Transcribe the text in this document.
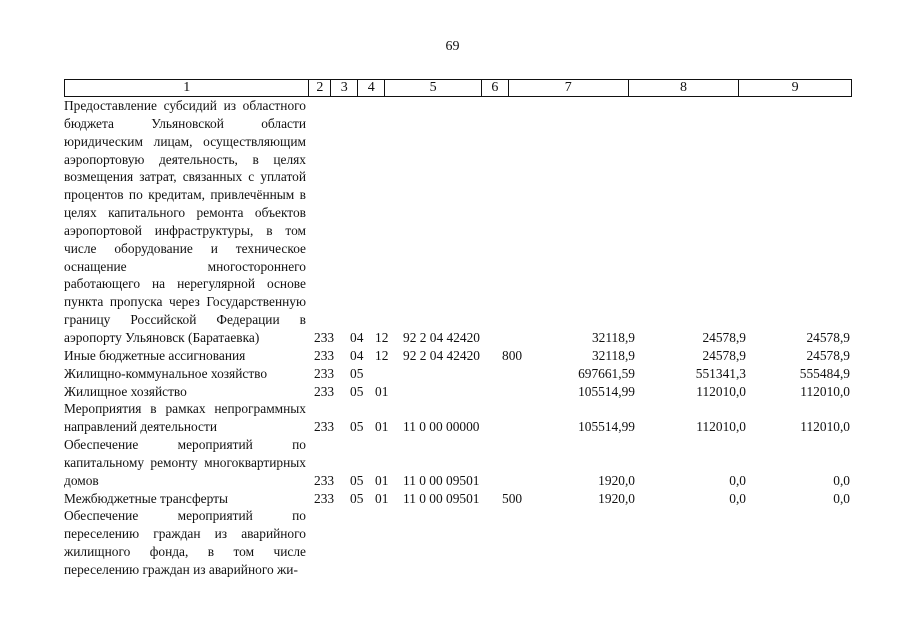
69
1	2	3	4	5	6	7	8	9
Предоставление субсидий из областного бюджета Ульяновской области юридическим лицам, осуществляющим аэропортовую деятельность, в целях возмещения затрат, связанных с уплатой процентов по кредитам, привлечённым в целях капитального ремонта объектов аэропортовой инфраструктуры, в том числе оборудование и техническое оснащение многостороннего работающего на нерегулярной основе пункта пропуска через Государственную границу Российской Федерации в аэропорту Ульяновск (Баратаевка)	233 04 12 92 2 04 42420	32118,9	24578,9	24578,9
Иные бюджетные ассигнования	233 04 12 92 2 04 42420 800	32118,9	24578,9	24578,9
Жилищно-коммунальное хозяйство	233 05	697661,59	551341,3	555484,9
Жилищное хозяйство	233 05 01	105514,99	112010,0	112010,0
Мероприятия в рамках непрограммных направлений деятельности	233 05 01 11 0 00 00000	105514,99	112010,0	112010,0
Обеспечение мероприятий по капитальному ремонту многоквартирных домов	233 05 01 11 0 00 09501	1920,0	0,0	0,0
Межбюджетные трансферты	233 05 01 11 0 00 09501 500	1920,0	0,0	0,0
Обеспечение мероприятий по переселению граждан из аварийного жилищного фонда, в том числе переселению граждан из аварийного жи-
